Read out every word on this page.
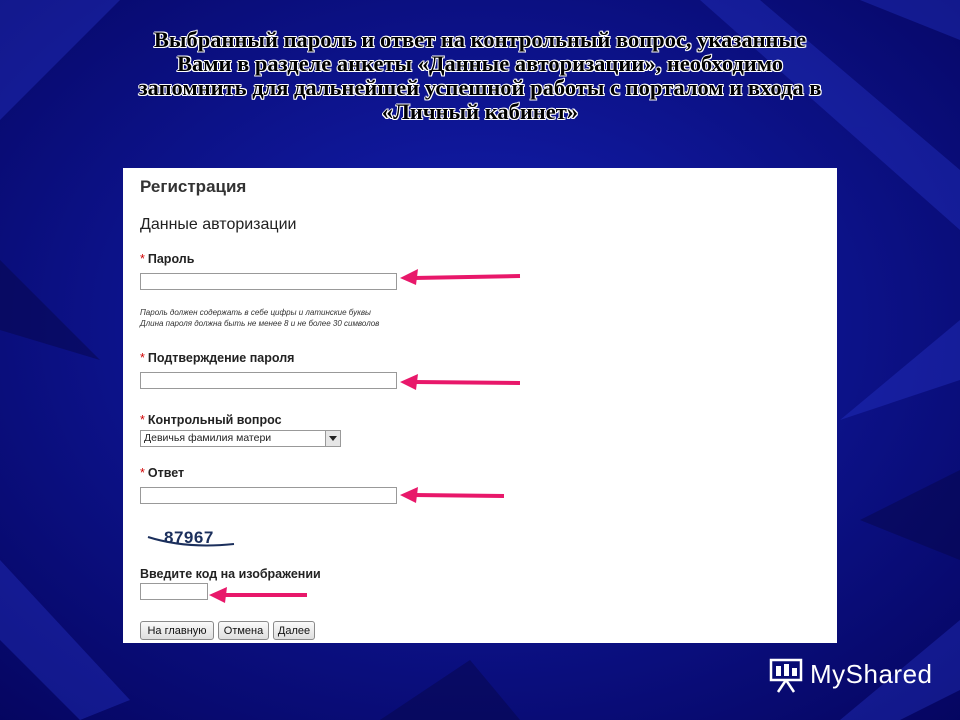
Выбранный пароль и ответ на контрольный вопрос, указанные
Вами в разделе анкеты «Данные авторизации», необходимо
запомнить для дальнейшей успешной работы с порталом и входа в
«Личный кабинет»
Регистрация
Данные авторизации
* Пароль
Пароль должен содержать в себе цифры и латинские буквы
Длина пароля должна быть не менее 8 и не более 30 символов
* Подтверждение пароля
* Контрольный вопрос
Девичья фамилия матери
* Ответ
87967
Введите код на изображении
На главную	Отмена	Далее
MyShared
